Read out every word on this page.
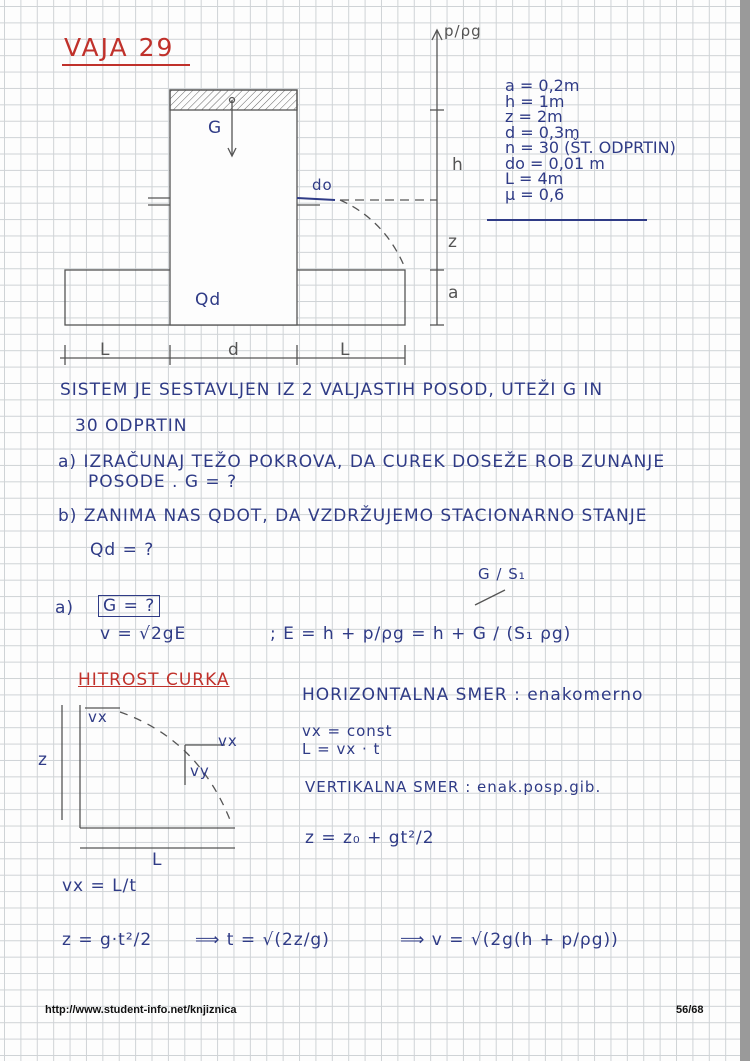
VAJA 29
a = 0,2m
h = 1m
z = 2m
d = 0,3m
n = 30 (ŠT. ODPRTIN)
do = 0,01 m
L = 4m
μ = 0,6
G
do
Qd
p/ρg
h
z
a
L	d	L
SISTEM JE SESTAVLJEN IZ 2 VALJASTIH POSOD, UTEŽI G IN
30 ODPRTIN
a) IZRAČUNAJ TEŽO POKROVA, DA CUREK DOSEŽE ROB ZUNANJE
POSODE . G = ?
b) ZANIMA NAS QDOT, DA VZDRŽUJEMO STACIONARNO STANJE
Qd = ?
G / S₁
a) G = ?
v = √2gE	; E = h + p/ρg = h + G / (S₁ ρg)
HITROST CURKA
vx
vx
vy
z
L
HORIZONTALNA SMER : enakomerno
vx = const
L = vx · t
VERTIKALNA SMER : enak.posp.gib.
z = z₀ + gt²/2
vx = L/t
z = g·t²/2	⟹ t = √(2z/g)	⟹ v = √(2g(h + p/ρg))
http://www.student-info.net/knjiznica	56/68
